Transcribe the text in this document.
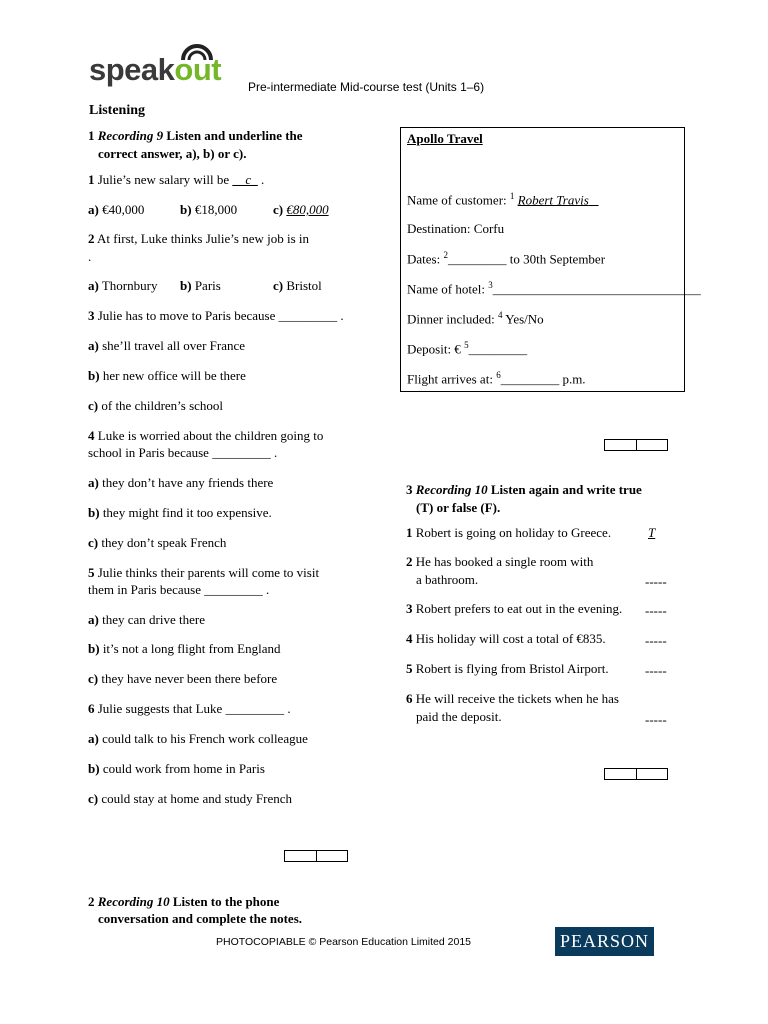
speakout Pre-intermediate Mid-course test (Units 1–6)
Listening
1 Recording 9 Listen and underline the
correct answer, a), b) or c).
1 Julie’s new salary will be __c_ .
a) €40,000	b) €18,000	c) €80,000
2 At first, Luke thinks Julie’s new job is in
.
a) Thornbury b) Paris	c) Bristol
3 Julie has to move to Paris because _________ .
a) she’ll travel all over France
b) her new office will be there
c) of the children’s school
4 Luke is worried about the children going to
school in Paris because _________ .
a) they don’t have any friends there
b) they might find it too expensive.
c) they don’t speak French
5 Julie thinks their parents will come to visit
them in Paris because _________ .
a) they can drive there
b) it’s not a long flight from England
c) they have never been there before
6 Julie suggests that Luke _________ .
a) could talk to his French work colleague
b) could work from home in Paris
c) could stay at home and study French
2 Recording 10 Listen to the phone
conversation and complete the notes.
Apollo Travel
Name of customer: $^1$ Robert Travis
Destination: Corfu
Dates: $^2$_________ to 30th September
Name of hotel: $^3$________________________________
Dinner included: $^4$ Yes/No
Deposit: € $^5$_________
Flight arrives at: $^6$_________ p.m.
3 Recording 10 Listen again and write true
(T) or false (F).
1 Robert is going on holiday to Greece.	T
2 He has booked a single room with
a bathroom.	-----
3 Robert prefers to eat out in the evening. -----
4 His holiday will cost a total of €835.	-----
5 Robert is flying from Bristol Airport.	-----
6 He will receive the tickets when he has
paid the deposit.	-----
PHOTOCOPIABLE © Pearson Education Limited 2015	PEARSON
